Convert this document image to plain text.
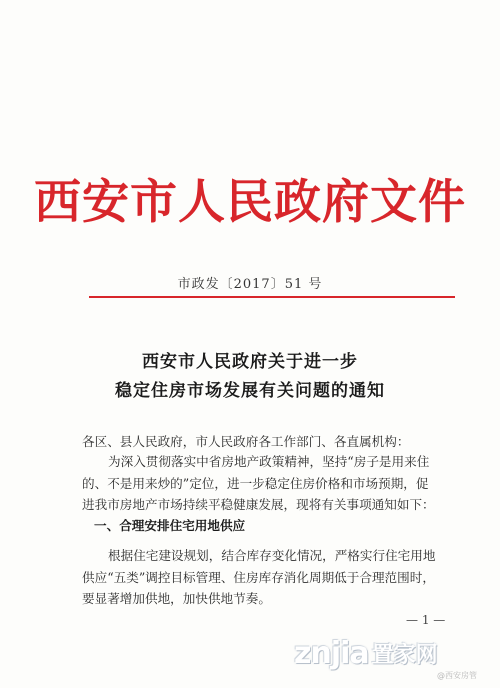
西安市人民政府文件
市政发〔2017〕51 号
西安市人民政府关于进一步
稳定住房市场发展有关问题的通知
各区、县人民政府，市人民政府各工作部门、各直属机构：
为深入贯彻落实中省房地产政策精神，坚持“房子是用来住
的、不是用来炒的”定位，进一步稳定住房价格和市场预期，促
进我市房地产市场持续平稳健康发展，现将有关事项通知如下：
一、合理安排住宅用地供应
根据住宅建设规划，结合库存变化情况，严格实行住宅用地
供应“五类”调控目标管理、住房库存消化周期低于合理范围时，
要显著增加供地，加快供地节奏。
— 1 —
znjia 置家网
@西安房管
